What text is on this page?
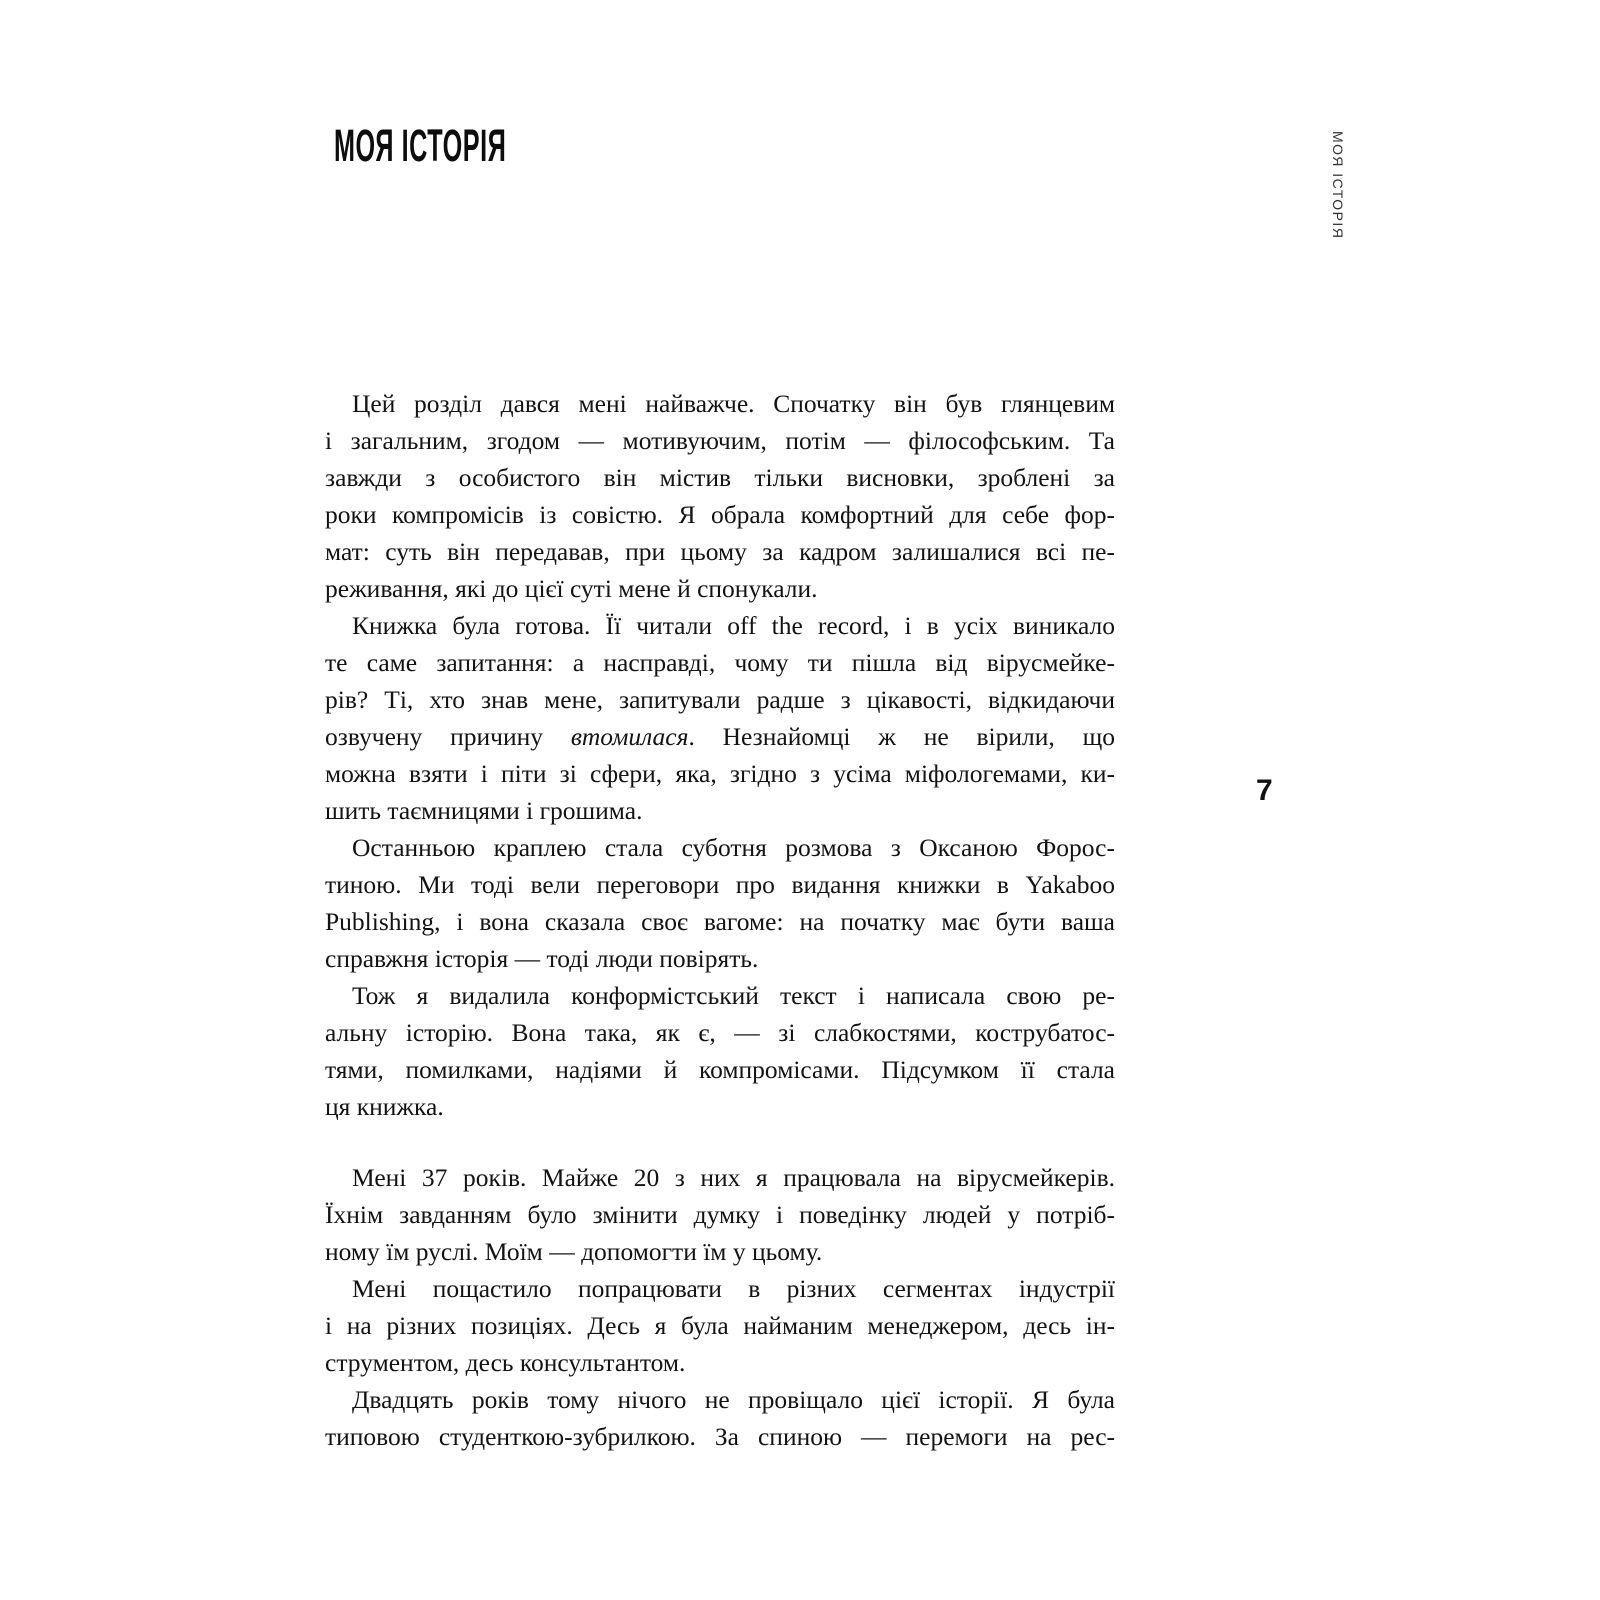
МОЯ ІСТОРІЯ	МОЯ ІСТОРІЯ
7
Цей розділ дався мені найважче. Спочатку він був глянцевим
і загальним, згодом — мотивуючим, потім — філософським. Та
завжди з особистого він містив тільки висновки, зроблені за
роки компромісів із совістю. Я обрала комфортний для себе фор-
мат: суть він передавав, при цьому за кадром залишалися всі пе-
реживання, які до цієї суті мене й спонукали.
Книжка була готова. Її читали off the record, і в усіх виникало
те саме запитання: а насправді, чому ти пішла від вірусмейке-
рів? Ті, хто знав мене, запитували радше з цікавості, відкидаючи
озвучену причину втомилася. Незнайомці ж не вірили, що
можна взяти і піти зі сфери, яка, згідно з усіма міфологемами, ки-
шить таємницями і грошима.
Останньою краплею стала суботня розмова з Оксаною Форос-
тиною. Ми тоді вели переговори про видання книжки в Yakaboo
Publishing, і вона сказала своє вагоме: на початку має бути ваша
справжня історія — тоді люди повірять.
Тож я видалила конформістський текст і написала свою ре-
альну історію. Вона така, як є, — зі слабкостями, кострубатос-
тями, помилками, надіями й компромісами. Підсумком її стала
ця книжка.
Мені 37 років. Майже 20 з них я працювала на вірусмейкерів.
Їхнім завданням було змінити думку і поведінку людей у потріб-
ному їм руслі. Моїм — допомогти їм у цьому.
Мені пощастило попрацювати в різних сегментах індустрії
і на різних позиціях. Десь я була найманим менеджером, десь ін-
струментом, десь консультантом.
Двадцять років тому нічого не провіщало цієї історії. Я була
типовою студенткою-зубрилкою. За спиною — перемоги на рес-
